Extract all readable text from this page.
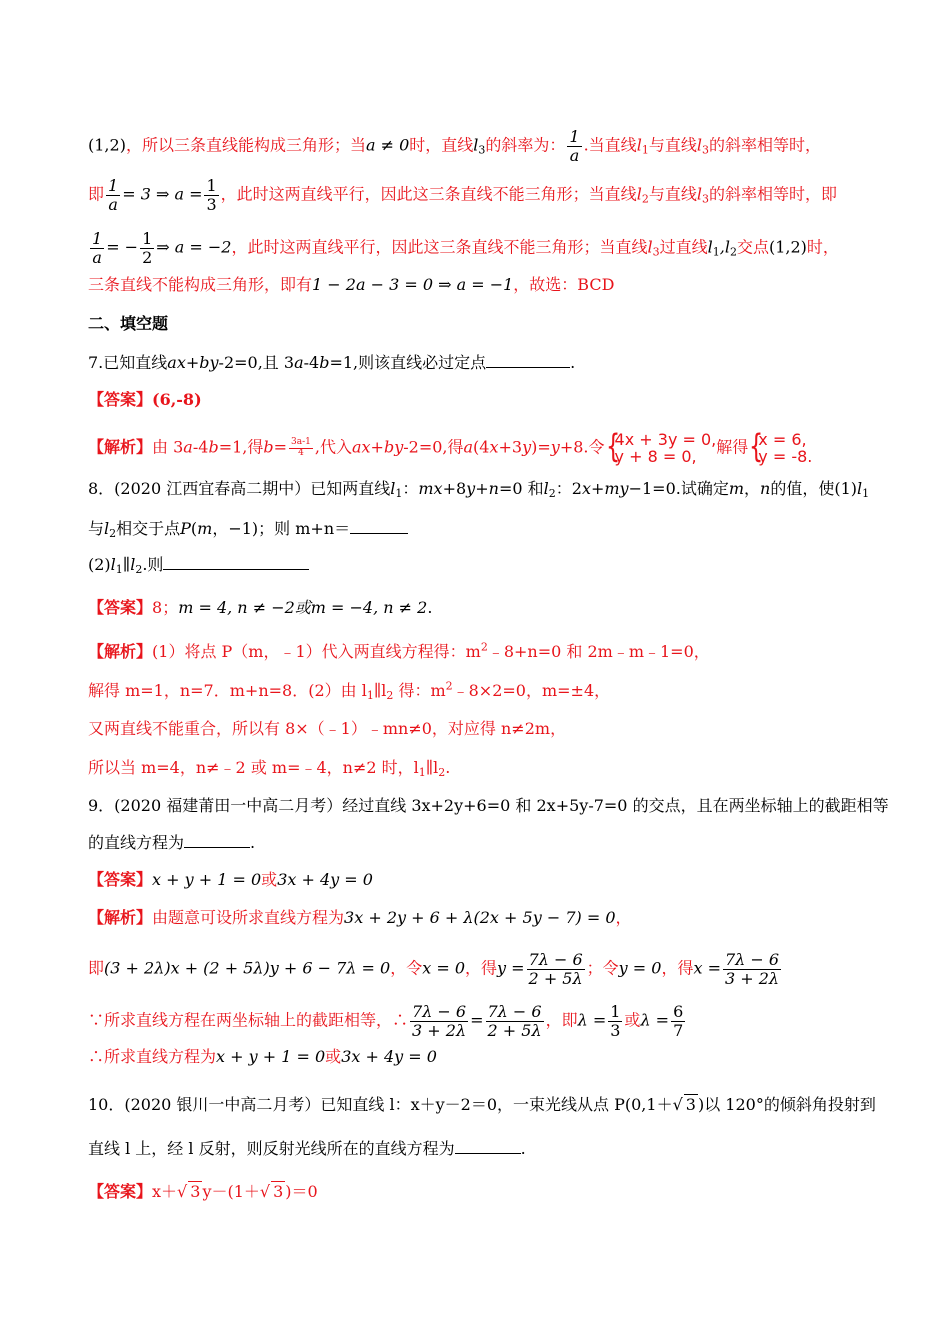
(1,2)，所以三条直线能构成三角形；当a ≠ 0时，直线$l_3$的斜率为： $\frac{1}{a}$ .当直线$l_1$与直线$l_3$的斜率相等时，
即 $\frac{1}{a} = 3$ ⇒ $a = \frac{1}{3}$ ，此时这两直线平行，因此这三条直线不能三角形；当直线$l_2$与直线$l_3$的斜率相等时，即
$\frac{1}{a}$ = − $\frac{1}{2}$ ⇒ a = −2，此时这两直线平行，因此这三条直线不能三角形；当直线$l_3$过直线$l_1,l_2$交点(1,2)时，
三条直线不能构成三角形，即有1 − 2a − 3 = 0 ⇒ a = −1，故选：BCD
二、填空题
7.已知直线ax+by-2=0,且 3a-4b=1,则该直线必过定点	.
【答案】(6,-8)
【解析】由 3a-4b=1,得$b= \frac{3a-1}{4}$ ,代入ax+by-2=0,得a(4x+3y)=y+8.令 { 4x + 3y = 0,
y + 8 = 0,	解得 { x = 6,
y = -8.
8．(2020 江西宜春高二期中）已知两直线$l_1$：mx+8y+n=0 和$l_2$：2x+my−1=0.试确定m，n的值，使$(1)l_1$
与$l_2$相交于点P(m，−1)；则 m+n＝
$(2)l_1\parallel l_2$.则
【答案】8；m = 4, n ≠ −2或m = −4, n ≠ 2.
【解析】(1）将点 P（m，﹣1）代入两直线方程得：$m^2﹣8+n=0$ 和 2m﹣m﹣1=0，
解得 m=1，n=7．m+n=8．(2）由 $l_1\parallel l_2$ 得：$m^2﹣8\times 2=0$，m=±4，
又两直线不能重合，所以有 8×（﹣1）﹣mn≠0，对应得 n≠2m，
所以当 m=4，n≠﹣2 或 m=﹣4，n≠2 时，$l_1\parallel l_2$.
9．(2020 福建莆田一中高二月考）经过直线 3x+2y+6=0 和 2x+5y-7=0 的交点，且在两坐标轴上的截距相等
的直线方程为	.
【答案】x + y + 1 = 0或3x + 4y = 0
【解析】由题意可设所求直线方程为3x + 2y + 6 + λ(2x + 5y − 7) = 0，
即(3 + 2λ)x + (2 + 5λ)y + 6 − 7λ = 0，令x = 0，得$y = \frac{7\lambda - 6}{2 + 5\lambda}$ ；令y = 0，得$x = \frac{7\lambda - 6}{3 + 2\lambda}$
∵所求直线方程在两坐标轴上的截距相等，∴ $\frac{7\lambda - 6}{3 + 2\lambda} = \frac{7\lambda - 6}{2 + 5\lambda}$ ，即$\lambda = \frac{1}{3}$ 或$\lambda = \frac{6}{7}$
∴所求直线方程为x + y + 1 = 0或3x + 4y = 0
10．(2020 银川一中高二月考）已知直线 l：x＋y－2＝0，一束光线从点 P(0,1＋√ 3 )以 120°的倾斜角投射到
直线 l 上，经 l 反射，则反射光线所在的直线方程为	.
【答案】x＋√ 3 y－(1＋√ 3 )＝0
